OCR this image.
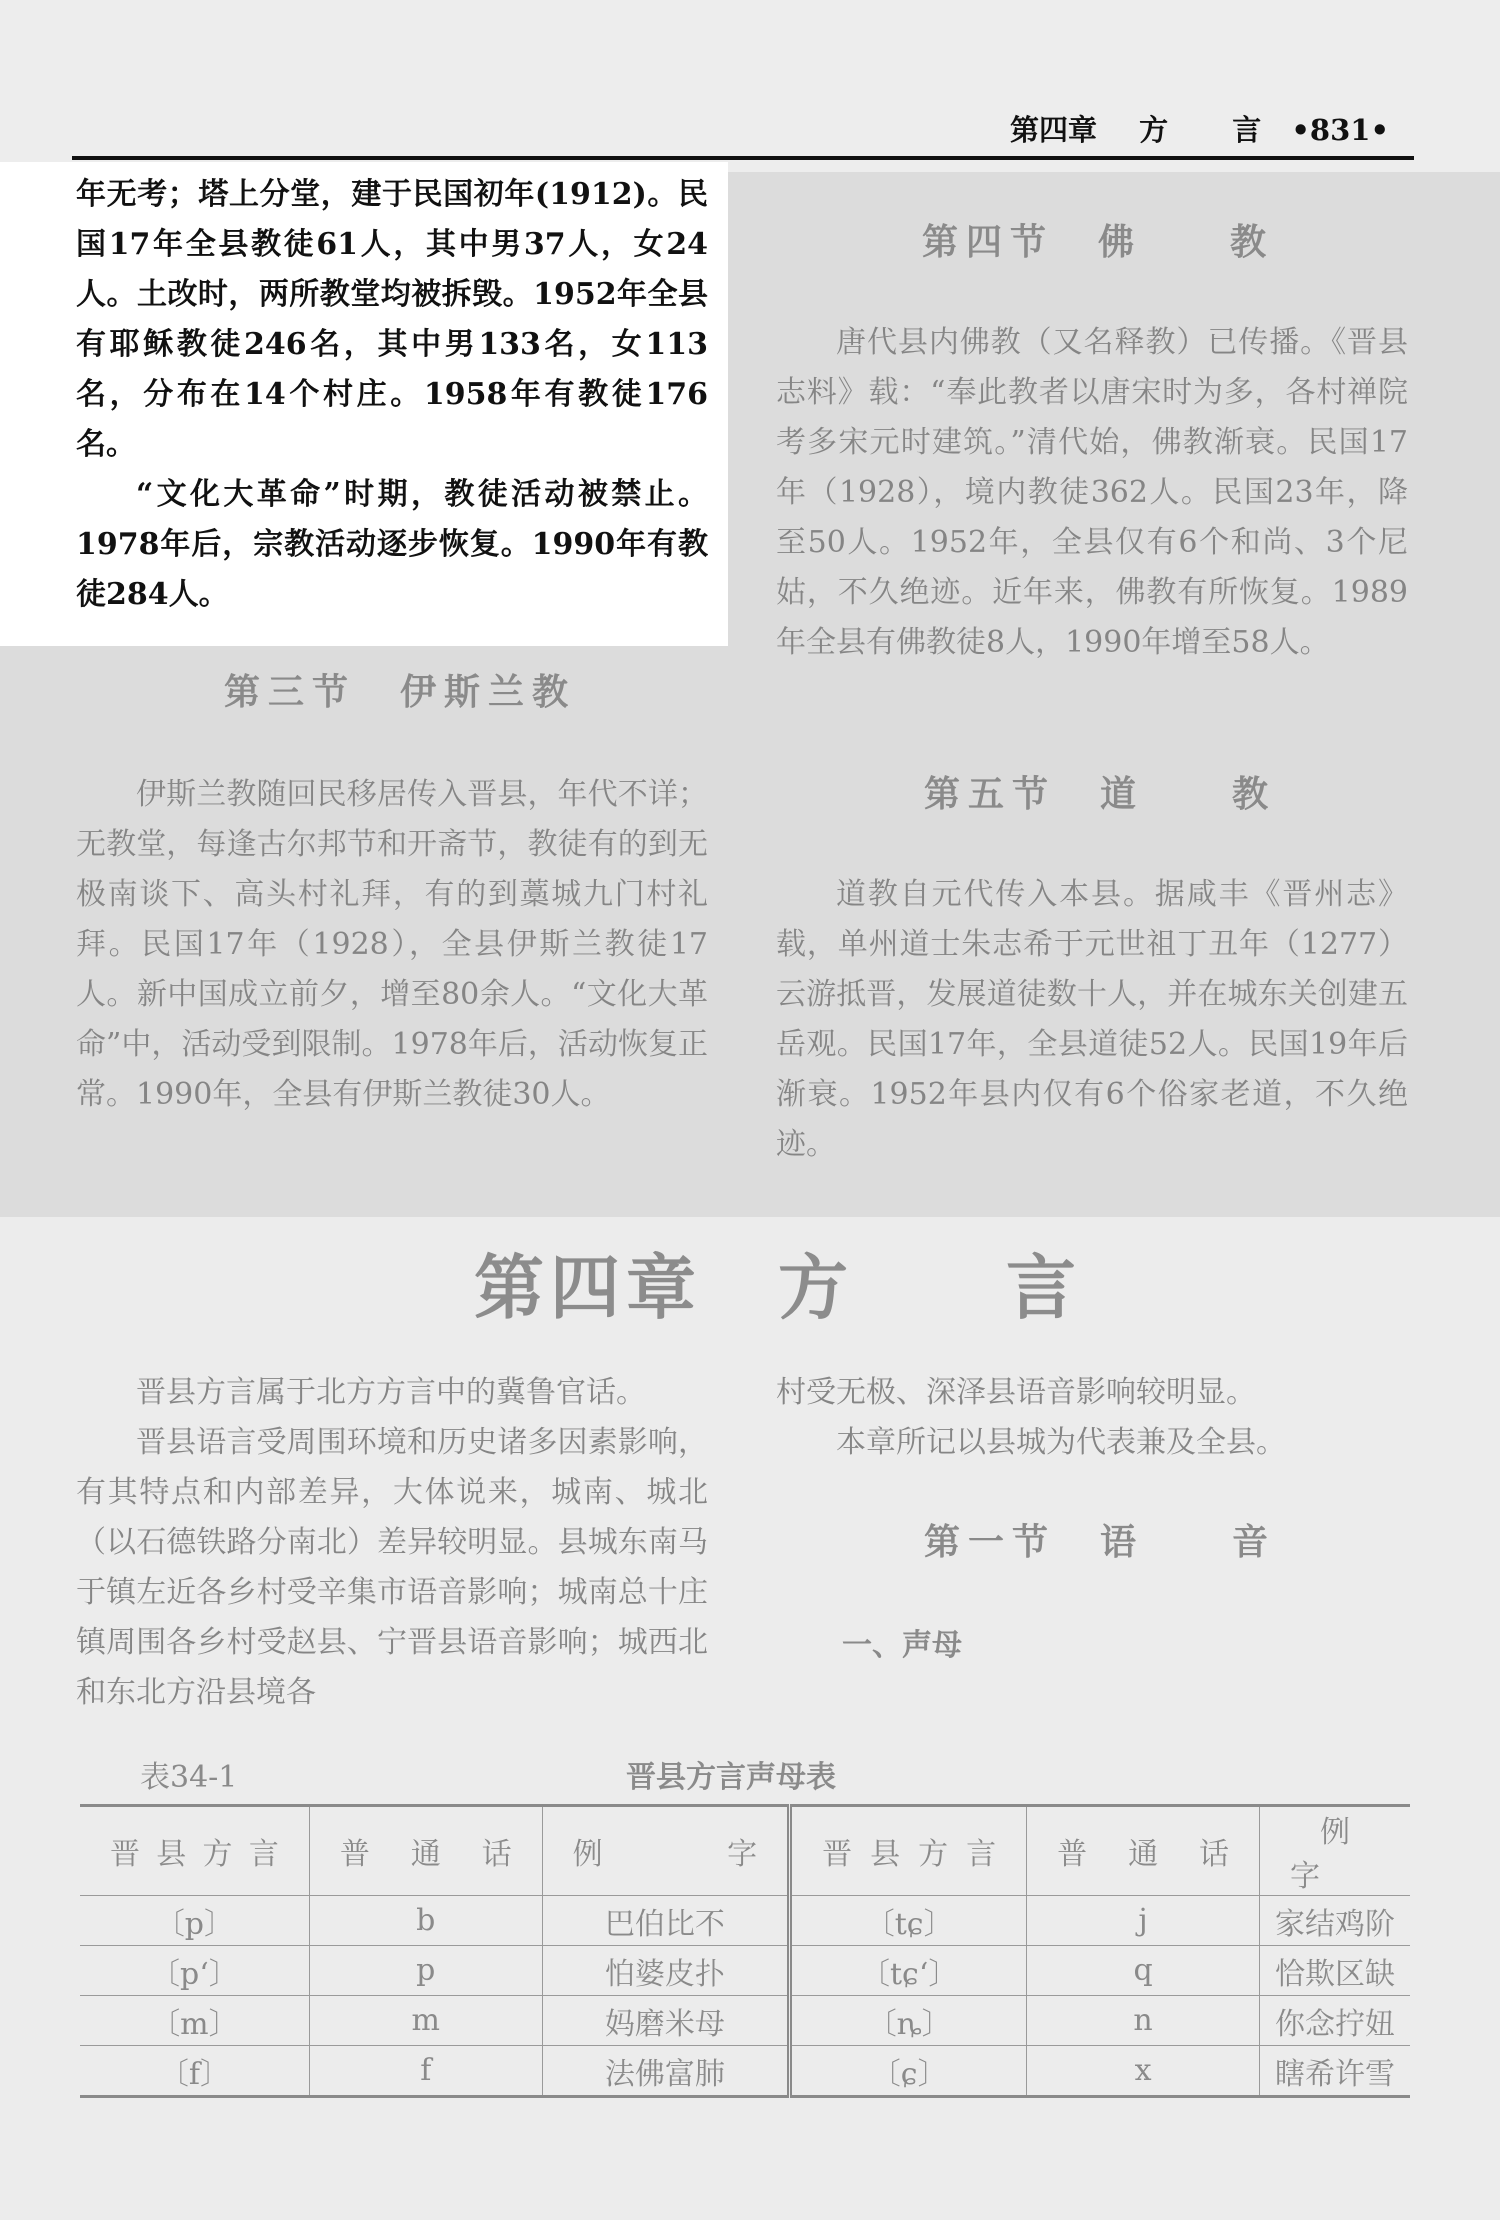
第四章 方 言 •831•

年无考；塔上分堂，建于民国初年(1912)。民国17年全县教徒61人，其中男37人，女24人。土改时，两所教堂均被拆毁。1952年全县有耶稣教徒246名，其中男133名，女113名，分布在14个村庄。1958年有教徒176名。

“文化大革命”时期，教徒活动被禁止。1978年后，宗教活动逐步恢复。1990年有教徒284人。

第三节　伊斯兰教

伊斯兰教随回民移居传入晋县，年代不详；无教堂，每逢古尔邦节和开斋节，教徒有的到无极南谈下、高头村礼拜，有的到藁城九门村礼拜。民国17年（1928），全县伊斯兰教徒17人。新中国成立前夕，增至80余人。“文化大革命”中，活动受到限制。1978年后，活动恢复正常。1990年，全县有伊斯兰教徒30人。

第四节　佛　　教

唐代县内佛教（又名释教）已传播。《晋县志料》载：“奉此教者以唐宋时为多，各村禅院考多宋元时建筑。”清代始，佛教渐衰。民国17年（1928），境内教徒362人。民国23年，降至50人。1952年，全县仅有6个和尚、3个尼姑，不久绝迹。近年来，佛教有所恢复。1989年全县有佛教徒8人，1990年增至58人。

第五节　道　　教

道教自元代传入本县。据咸丰《晋州志》载，单州道士朱志希于元世祖丁丑年（1277）云游抵晋，发展道徒数十人，并在城东关创建五岳观。民国17年，全县道徒52人。民国19年后渐衰。1952年县内仅有6个俗家老道，不久绝迹。

第四章　方　　言

晋县方言属于北方方言中的冀鲁官话。

晋县语言受周围环境和历史诸多因素影响，有其特点和内部差异，大体说来，城南、城北（以石德铁路分南北）差异较明显。县城东南马于镇左近各乡村受辛集市语音影响；城南总十庄镇周围各乡村受赵县、宁晋县语音影响；城西北和东北方沿县境各

村受无极、深泽县语音影响较明显。

本章所记以县城为代表兼及全县。

第一节　语　　音
一、声母
表34-1	晋县方言声母表
晋县方言	普 通 话	例　　字	晋县方言	普 通 话	例　　字
〔p〕	b	巴伯比不	〔tɕ〕	j	家结鸡阶
〔p‘〕	p	怕婆皮扑	〔tɕ‘〕	q	恰欺区缺
〔m〕	m	妈磨米母	〔ȵ〕	n	你念拧妞
〔f〕	f	法佛富肺	〔ɕ〕	x	瞎希许雪
